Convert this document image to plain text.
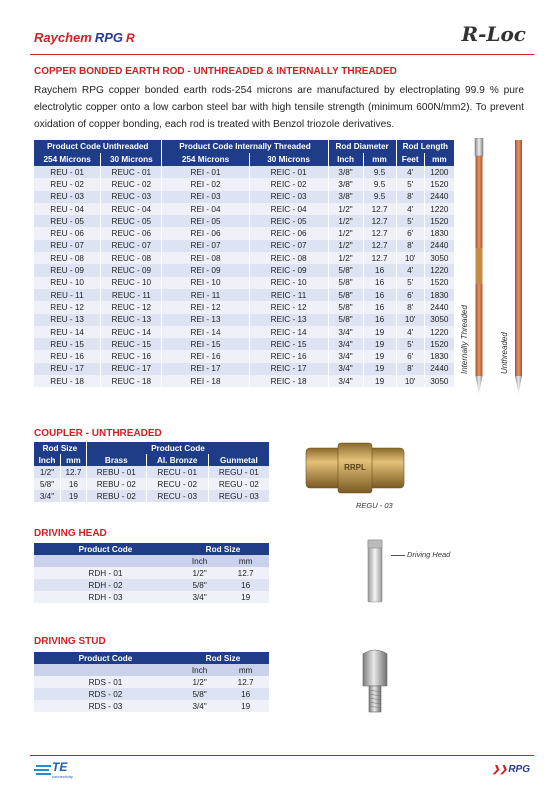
Raychem RPG R	R-Loc
COPPER BONDED EARTH ROD - UNTHREADED & INTERNALLY THREADED

Raychem RPG copper bonded earth rods-254 microns are manufactured by electroplating 99.9 % pure electrolytic copper onto a low carbon steel bar with high tensile strength (minimum 600N/mm2). To prevent oxidation of copper bonding, each rod is treated with Benzol triozole derivatives.

Product Code Unthreaded		Product Code Internally Threaded		Rod Diameter		Rod Length	
254 Microns	30 Microns	254 Microns	30 Microns	Inch	mm	Feet	mm
REU - 01	REUC - 01	REI - 01	REIC - 01	3/8"	9.5	4'	1200
REU - 02	REUC - 02	REI - 02	REIC - 02	3/8"	9.5	5'	1520
REU - 03	REUC - 03	REI - 03	REIC - 03	3/8"	9.5	8'	2440
REU - 04	REUC - 04	REI - 04	REIC - 04	1/2"	12.7	4'	1220
REU - 05	REUC - 05	REI - 05	REIC - 05	1/2"	12.7	5'	1520
REU - 06	REUC - 06	REI - 06	REIC - 06	1/2"	12.7	6'	1830
REU - 07	REUC - 07	REI - 07	REIC - 07	1/2"	12.7	8'	2440
REU - 08	REUC - 08	REI - 08	REIC - 08	1/2"	12.7	10'	3050
REU - 09	REUC - 09	REI - 09	REIC - 09	5/8"	16	4'	1220
REU - 10	REUC - 10	REI - 10	REIC - 10	5/8"	16	5'	1520
REU - 11	REUC - 11	REI - 11	REIC - 11	5/8"	16	6'	1830
REU - 12	REUC - 12	REI - 12	REIC - 12	5/8"	16	8'	2440
REU - 13	REUC - 13	REI - 13	REIC - 13	5/8"	16	10'	3050
REU - 14	REUC - 14	REI - 14	REIC - 14	3/4"	19	4'	1220
REU - 15	REUC - 15	REI - 15	REIC - 15	3/4"	19	5'	1520
REU - 16	REUC - 16	REI - 16	REIC - 16	3/4"	19	6'	1830
REU - 17	REUC - 17	REI - 17	REIC - 17	3/4"	19	8'	2440
REU - 18	REUC - 18	REI - 18	REIC - 18	3/4"	19	10'	3050
Internally Threaded	Unthreaded
COUPLER - UNTHREADED
Rod Size		Product Code		
Inch	mm	Brass	Al. Bronze	Gunmetal
1/2"	12.7	REBU - 01	RECU - 01	REGU - 01
5/8"	16	REBU - 02	RECU - 02	REGU - 02
3/4"	19	REBU - 02	RECU - 03	REGU - 03
RRPL
REGU - 03
DRIVING HEAD
Product Code	Rod Size	
	Inch	mm
RDH - 01	1/2"	12.7
RDH - 02	5/8"	16
RDH - 03	3/4"	19
Driving Head
DRIVING STUD
Product Code	Rod Size	
	Inch	mm
RDS - 01	1/2"	12.7
RDS - 02	5/8"	16
RDS - 03	3/4"	19
TE
connectivity
❯❯RPG
